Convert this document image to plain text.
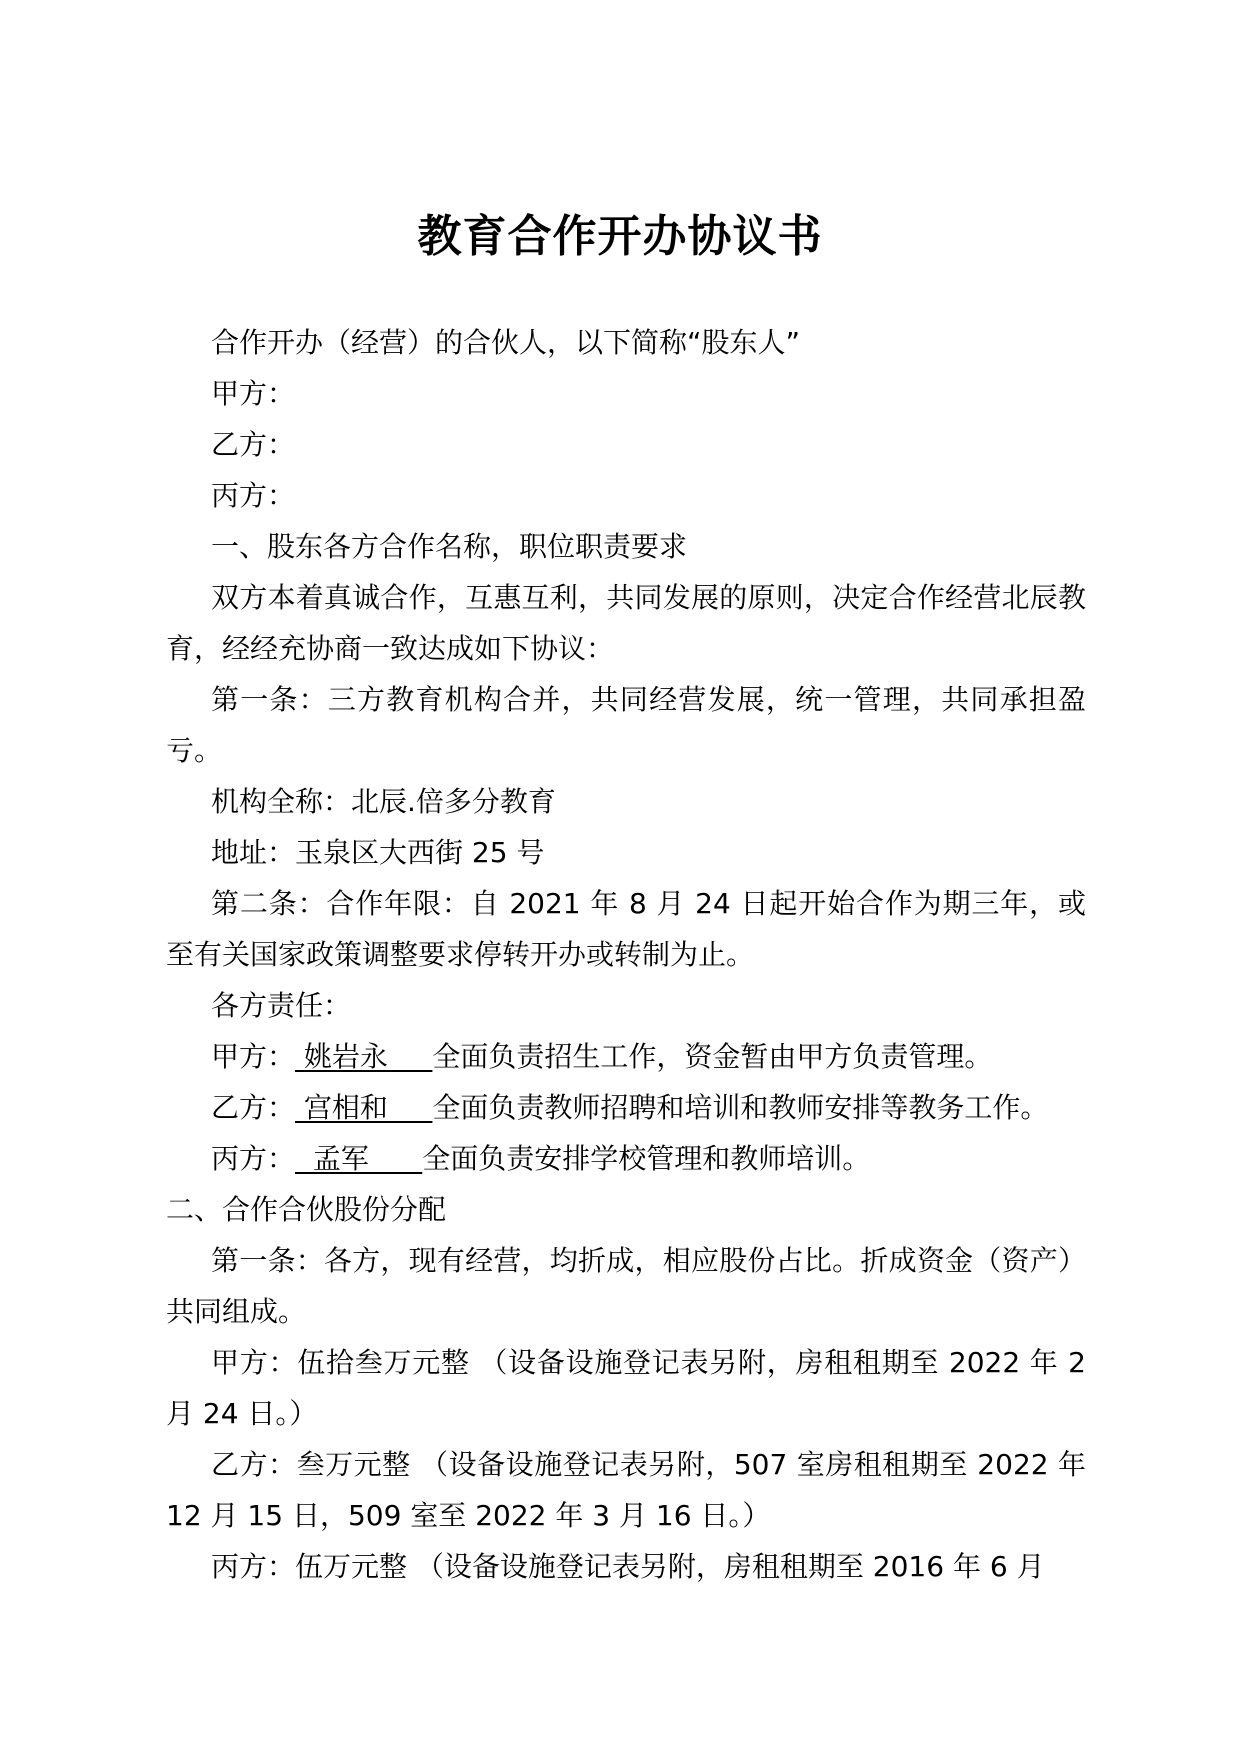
教育合作开办协议书

合作开办（经营）的合伙人，以下简称“股东人”

甲方：

乙方：

丙方：

一、股东各方合作名称，职位职责要求

双方本着真诚合作，互惠互利，共同发展的原则，决定合作经营北辰教育，经经充协商一致达成如下协议：

第一条：三方教育机构合并，共同经营发展，统一管理，共同承担盈亏。

机构全称：北辰.倍多分教育

地址：玉泉区大西街 25 号

第二条：合作年限：自 2021 年 8 月 24 日起开始合作为期三年，或至有关国家政策调整要求停转开办或转制为止。

各方责任：

甲方： 姚岩永     全面负责招生工作，资金暂由甲方负责管理。

乙方： 宫相和     全面负责教师招聘和培训和教师安排等教务工作。

丙方：  孟军      全面负责安排学校管理和教师培训。

二、合作合伙股份分配

第一条：各方，现有经营，均折成，相应股份占比。折成资金（资产）共同组成。

甲方：伍拾叁万元整 （设备设施登记表另附，房租租期至 2022 年 2 月 24 日。）

乙方：叁万元整 （设备设施登记表另附，507 室房租租期至 2022 年 12 月 15 日，509 室至 2022 年 3 月 16 日。）

丙方：伍万元整 （设备设施登记表另附，房租租期至 2016 年 6 月
